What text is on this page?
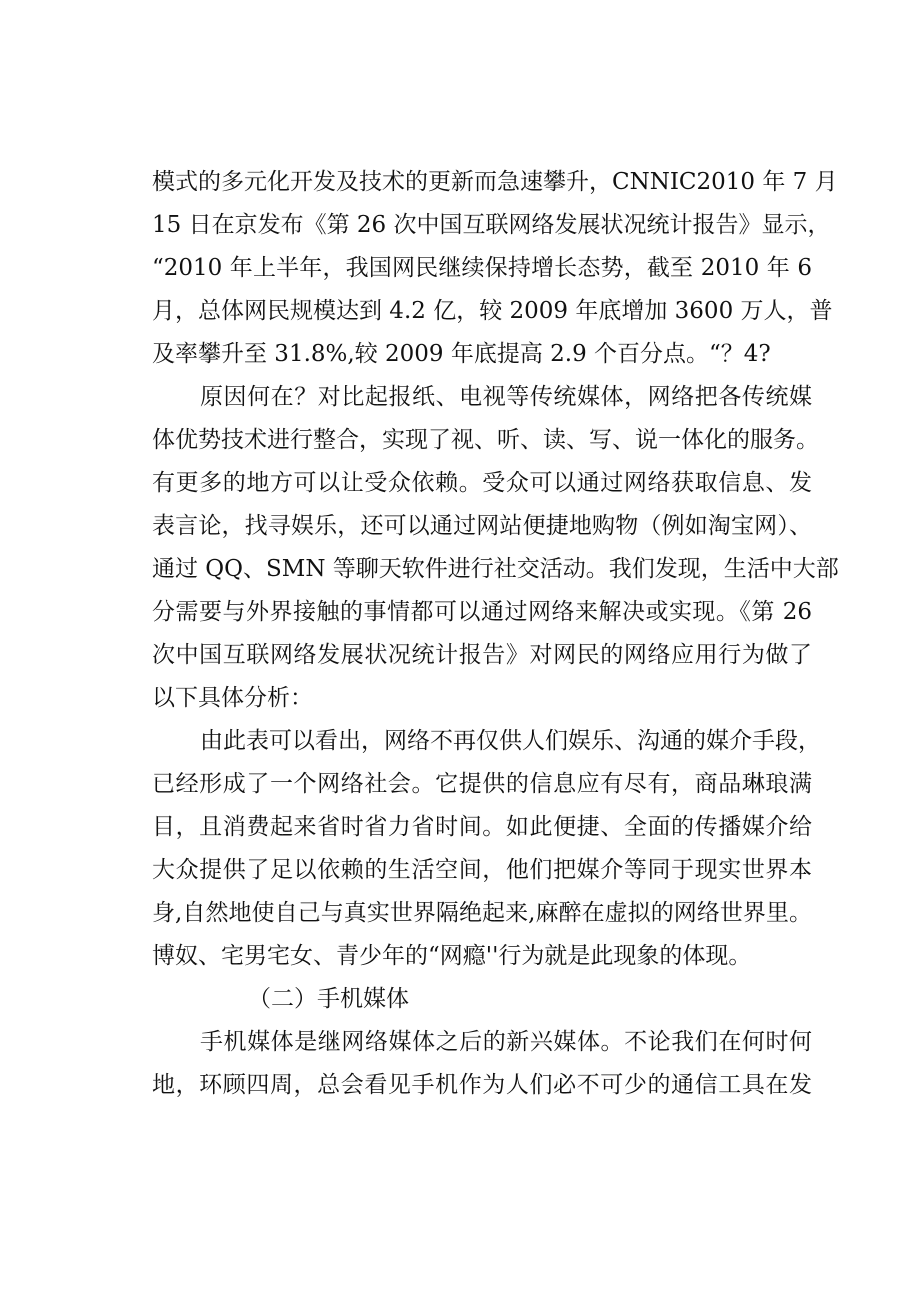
模式的多元化开发及技术的更新而急速攀升，CNNIC2010 年 7 月
15 日在京发布《第 26 次中国互联网络发展状况统计报告》显示，
“2010 年上半年，我国网民继续保持增长态势，截至 2010 年 6
月，总体网民规模达到 4.2 亿，较 2009 年底增加 3600 万人，普
及率攀升至 31.8%,较 2009 年底提高 2.9 个百分点。“？4?
原因何在？对比起报纸、电视等传统媒体，网络把各传统媒
体优势技术进行整合，实现了视、听、读、写、说一体化的服务。
有更多的地方可以让受众依赖。受众可以通过网络获取信息、发
表言论，找寻娱乐，还可以通过网站便捷地购物（例如淘宝网）、
通过 QQ、SMN 等聊天软件进行社交活动。我们发现，生活中大部
分需要与外界接触的事情都可以通过网络来解决或实现。《第 26
次中国互联网络发展状况统计报告》对网民的网络应用行为做了
以下具体分析：
由此表可以看出，网络不再仅供人们娱乐、沟通的媒介手段，
已经形成了一个网络社会。它提供的信息应有尽有，商品琳琅满
目，且消费起来省时省力省时间。如此便捷、全面的传播媒介给
大众提供了足以依赖的生活空间，他们把媒介等同于现实世界本
身,自然地使自己与真实世界隔绝起来,麻醉在虚拟的网络世界里。
博奴、宅男宅女、青少年的“网瘾''行为就是此现象的体现。
（二）手机媒体
手机媒体是继网络媒体之后的新兴媒体。不论我们在何时何
地，环顾四周，总会看见手机作为人们必不可少的通信工具在发
